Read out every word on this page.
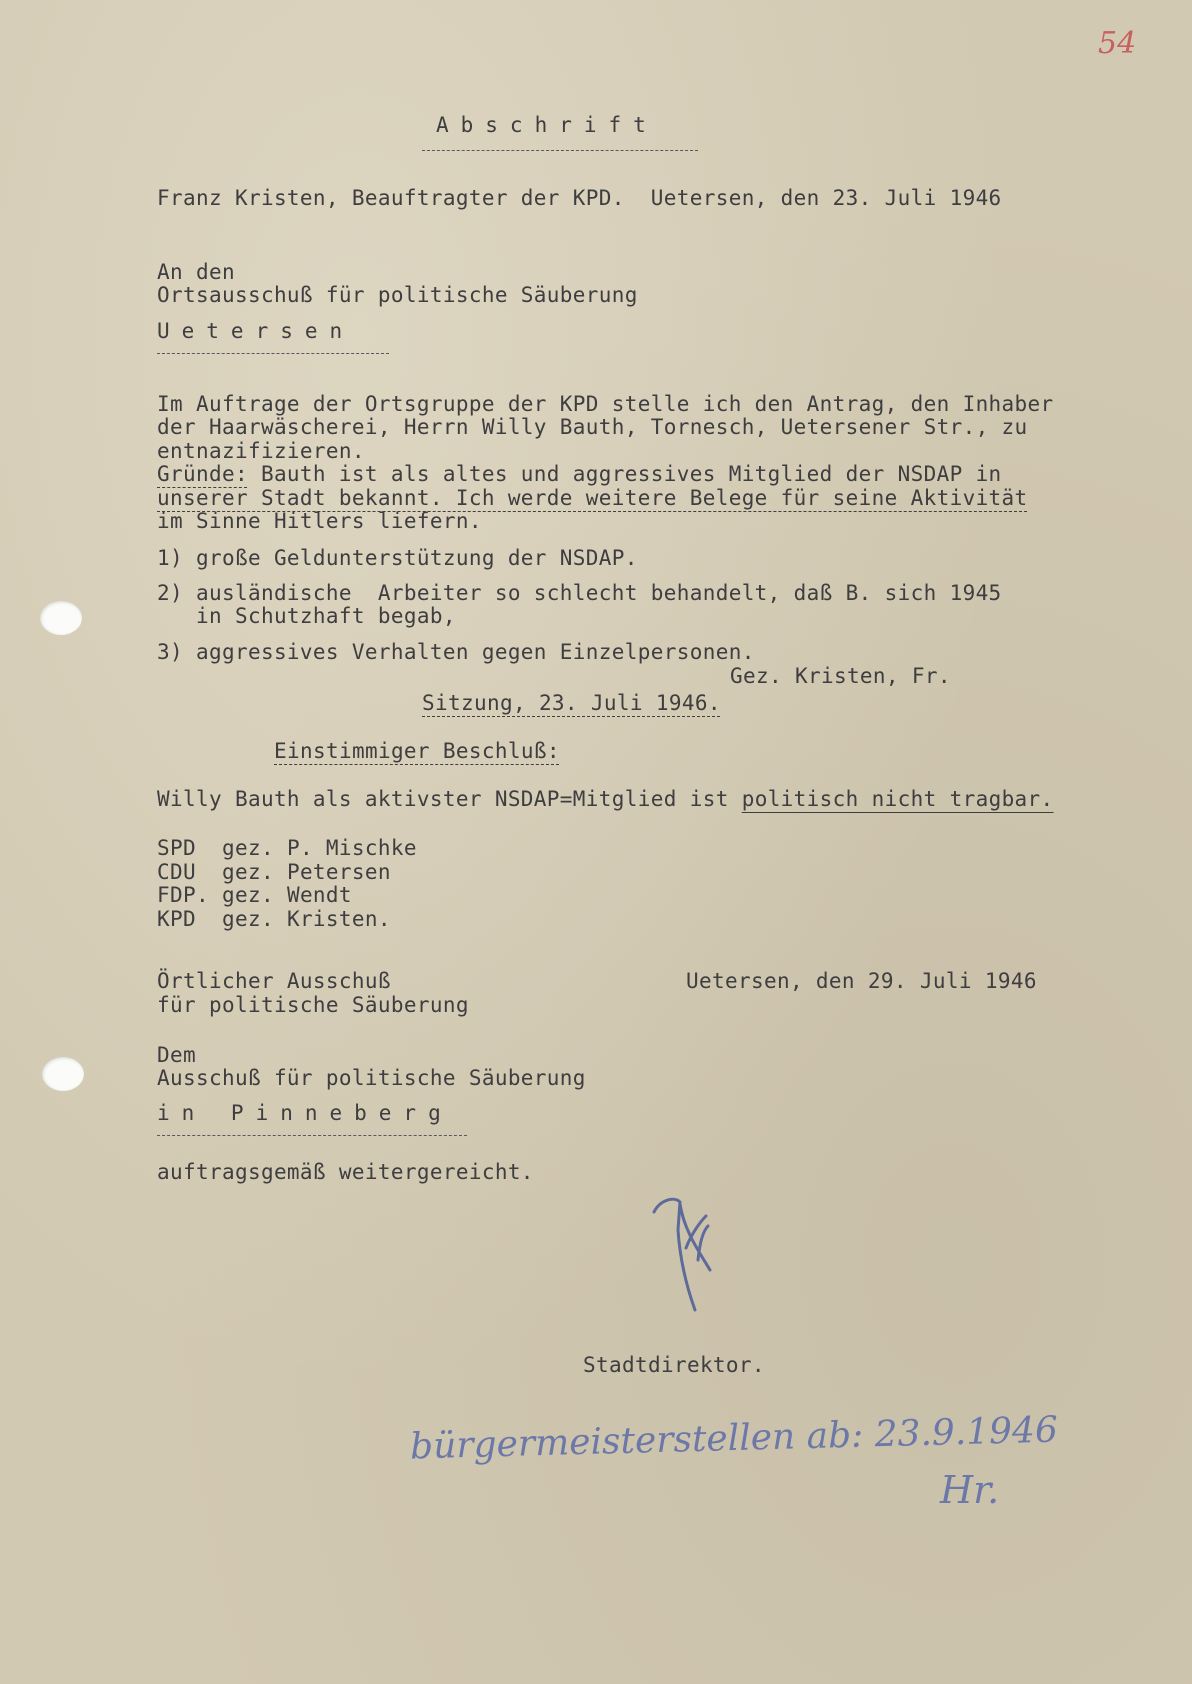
54
Abschrift
Franz Kristen, Beauftragter der KPD.  Uetersen, den 23. Juli 1946
An den
Ortsausschuß für politische Säuberung
Uetersen
Im Auftrage der Ortsgruppe der KPD stelle ich den Antrag, den Inhaber
der Haarwäscherei, Herrn Willy Bauth, Tornesch, Uetersener Str., zu
entnazifizieren.
Gründe: Bauth ist als altes und aggressives Mitglied der NSDAP in
unserer Stadt bekannt. Ich werde weitere Belege für seine Aktivität
im Sinne Hitlers liefern.
1) große Geldunterstützung der NSDAP.
2) ausländische  Arbeiter so schlecht behandelt, daß B. sich 1945
in Schutzhaft begab,
3) aggressives Verhalten gegen Einzelpersonen.
Gez. Kristen, Fr.
Sitzung, 23. Juli 1946.
Einstimmiger Beschluß:
Willy Bauth als aktivster NSDAP=Mitglied ist politisch nicht tragbar.
SPD gez. P. Mischke
CDU gez. Petersen
FDP. gez. Wendt
KPD gez. Kristen.
Örtlicher Ausschuß
für politische Säuberung
Uetersen, den 29. Juli 1946
Dem
Ausschuß für politische Säuberung
in Pinneberg
auftragsgemäß weitergereicht.
Stadtdirektor.
bürgermeisterstellen ab: 23.9.1946
Hr.
